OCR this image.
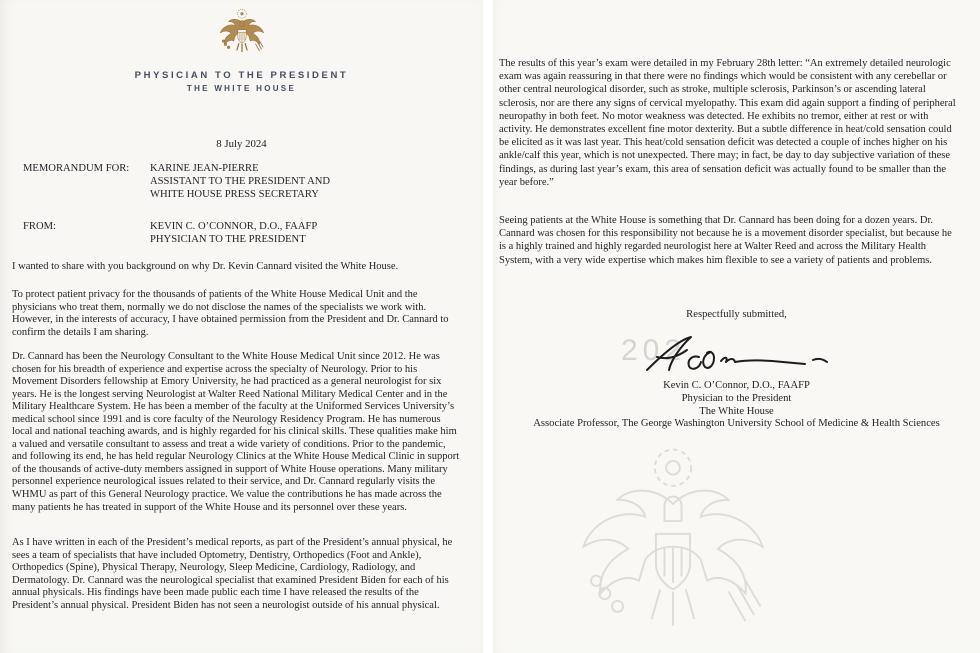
PHYSICIAN TO THE PRESIDENT
THE WHITE HOUSE
8 July 2024
MEMORANDUM FOR:	KARINE JEAN-PIERRE
ASSISTANT TO THE PRESIDENT AND
WHITE HOUSE PRESS SECRETARY
FROM:	KEVIN C. O’CONNOR, D.O., FAAFP
PHYSICIAN TO THE PRESIDENT

I wanted to share with you background on why Dr. Kevin Cannard visited the White House.

To protect patient privacy for the thousands of patients of the White House Medical Unit and the physicians who treat them, normally we do not disclose the names of the specialists we work with. However, in the interests of accuracy, I have obtained permission from the President and Dr. Cannard to confirm the details I am sharing.

Dr. Cannard has been the Neurology Consultant to the White House Medical Unit since 2012. He was chosen for his breadth of experience and expertise across the specialty of Neurology. Prior to his Movement Disorders fellowship at Emory University, he had practiced as a general neurologist for six years. He is the longest serving Neurologist at Walter Reed National Military Medical Center and in the Military Healthcare System. He has been a member of the faculty at the Uniformed Services University’s medical school since 1991 and is core faculty of the Neurology Residency Program. He has numerous local and national teaching awards, and is highly regarded for his clinical skills. These qualities make him a valued and versatile consultant to assess and treat a wide variety of conditions. Prior to the pandemic, and following its end, he has held regular Neurology Clinics at the White House Medical Clinic in support of the thousands of active-duty members assigned in support of White House operations. Many military personnel experience neurological issues related to their service, and Dr. Cannard regularly visits the WHMU as part of this General Neurology practice. We value the contributions he has made across the many patients he has treated in support of the White House and its personnel over these years.

As I have written in each of the President’s medical reports, as part of the President’s annual physical, he sees a team of specialists that have included Optometry, Dentistry, Orthopedics (Foot and Ankle), Orthopedics (Spine), Physical Therapy, Neurology, Sleep Medicine, Cardiology, Radiology, and Dermatology. Dr. Cannard was the neurological specialist that examined President Biden for each of his annual physicals. His findings have been made public each time I have released the results of the President’s annual physical. President Biden has not seen a neurologist outside of his annual physical.

The results of this year’s exam were detailed in my February 28th letter: “An extremely detailed neurologic exam was again reassuring in that there were no findings which would be consistent with any cerebellar or other central neurological disorder, such as stroke, multiple sclerosis, Parkinson’s or ascending lateral sclerosis, nor are there any signs of cervical myelopathy. This exam did again support a finding of peripheral neuropathy in both feet. No motor weakness was detected. He exhibits no tremor, either at rest or with activity. He demonstrates excellent fine motor dexterity. But a subtle difference in heat/cold sensation could be elicited as it was last year. This heat/cold sensation deficit was detected a couple of inches higher on his ankle/calf this year, which is not unexpected. There may; in fact, be day to day subjective variation of these findings, as during last year’s exam, this area of sensation deficit was actually found to be smaller than the year before.”

Seeing patients at the White House is something that Dr. Cannard has been doing for a dozen years. Dr. Cannard was chosen for this responsibility not because he is a movement disorder specialist, but because he is a highly trained and highly regarded neurologist here at Walter Reed and across the Military Health System, with a very wide expertise which makes him flexible to see a variety of patients and problems.

Respectfully submitted,
202
Kevin C. O’Connor, D.O., FAAFP
Physician to the President
The White House
Associate Professor, The George Washington University School of Medicine & Health Sciences
